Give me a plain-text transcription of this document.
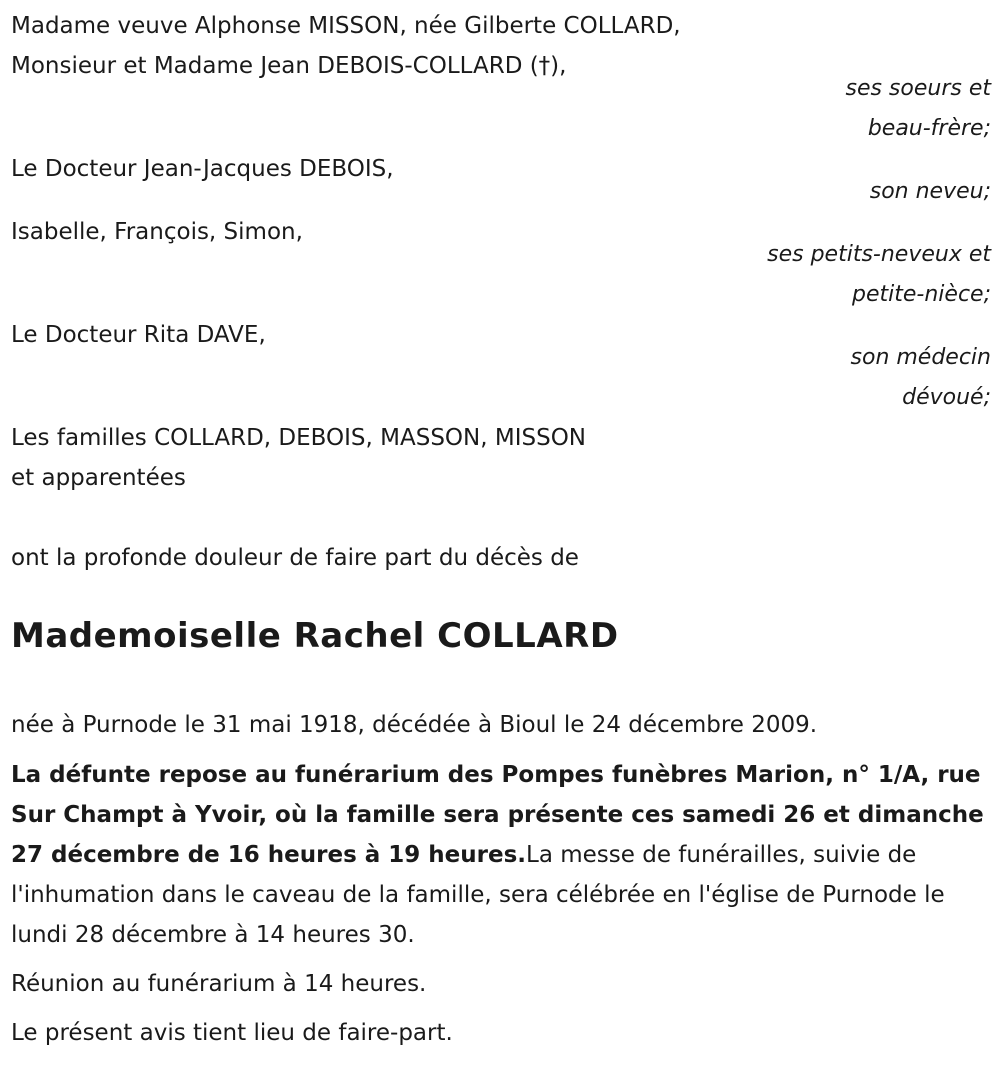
Madame veuve Alphonse MISSON, née Gilberte COLLARD,
Monsieur et Madame Jean DEBOIS-COLLARD (†),
ses soeurs et
beau-frère;
Le Docteur Jean-Jacques DEBOIS,
son neveu;
Isabelle, François, Simon,
ses petits-neveux et
petite-nièce;
Le Docteur Rita DAVE,
son médecin
dévoué;
Les familles COLLARD, DEBOIS, MASSON, MISSON
et apparentées
ont la profonde douleur de faire part du décès de
Mademoiselle Rachel COLLARD
née à Purnode le 31 mai 1918, décédée à Bioul le 24 décembre 2009.
La défunte repose au funérarium des Pompes funèbres Marion, n° 1/A, rue Sur Champt à Yvoir, où la famille sera présente ces samedi 26 et dimanche 27 décembre de 16 heures à 19 heures.La messe de funérailles, suivie de l'inhumation dans le caveau de la famille, sera célébrée en l'église de Purnode le lundi 28 décembre à 14 heures 30.
Réunion au funérarium à 14 heures.
Le présent avis tient lieu de faire-part.
